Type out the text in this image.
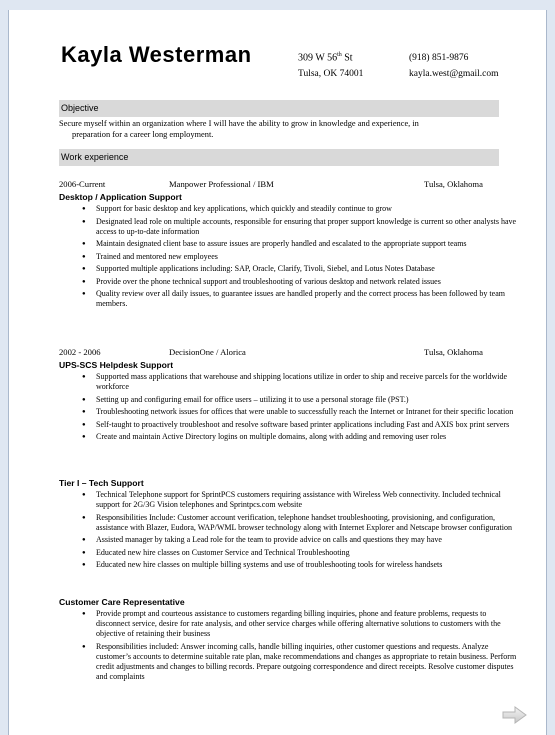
Kayla Westerman	309 W 56th St
Tulsa, OK 74001
(918) 851-9876
kayla.west@gmail.com
Objective
Secure myself within an organization where I will have the ability to grow in knowledge and experience, in
preparation for a career long employment.
Work experience
2006-Current	Manpower Professional / IBM	Tulsa, Oklahoma
Desktop / Application Support
● Support for basic desktop and key applications, which quickly and steadily continue to grow
● Designated lead role on multiple accounts, responsible for ensuring that proper support knowledge is current so other analysts have access to up-to-date information
● Maintain designated client base to assure issues are properly handled and escalated to the appropriate support teams
● Trained and mentored new employees
● Supported multiple applications including: SAP, Oracle, Clarify, Tivoli, Siebel, and Lotus Notes Database
● Provide over the phone technical support and troubleshooting of various desktop and network related issues
● Quality review over all daily issues, to guarantee issues are handled properly and the correct process has been followed by team members.
2002 - 2006	DecisionOne / Alorica	Tulsa, Oklahoma
UPS-SCS Helpdesk Support
● Supported mass applications that warehouse and shipping locations utilize in order to ship and receive parcels for the worldwide workforce
● Setting up and configuring email for office users – utilizing it to use a personal storage file (PST.)
● Troubleshooting network issues for offices that were unable to successfully reach the Internet or Intranet for their specific location
● Self-taught to proactively troubleshoot and resolve software based printer applications including Fast and AXIS box print servers
● Create and maintain Active Directory logins on multiple domains, along with adding and removing user roles
Tier I – Tech Support
● Technical Telephone support for SprintPCS customers requiring assistance with Wireless Web connectivity. Included technical support for 2G/3G Vision telephones and Sprintpcs.com website
● Responsibilities Include: Customer account verification, telephone handset troubleshooting, provisioning, and configuration, assistance with Blazer, Eudora, WAP/WML browser technology along with Internet Explorer and Netscape browser configuration
● Assisted manager by taking a Lead role for the team to provide advice on calls and questions they may have
● Educated new hire classes on Customer Service and Technical Troubleshooting
● Educated new hire classes on multiple billing systems and use of troubleshooting tools for wireless handsets
Customer Care Representative
● Provide prompt and courteous assistance to customers regarding billing inquiries, phone and feature problems, requests to disconnect service, desire for rate analysis, and other service charges while offering alternative solutions to customers with the objective of retaining their business
● Responsibilities included: Answer incoming calls, handle billing inquiries, other customer questions and requests. Analyze customer’s accounts to determine suitable rate plan, make recommendations and changes as appropriate to retain business. Perform credit adjustments and changes to billing records. Prepare outgoing correspondence and direct receipts. Resolve customer disputes and complaints
